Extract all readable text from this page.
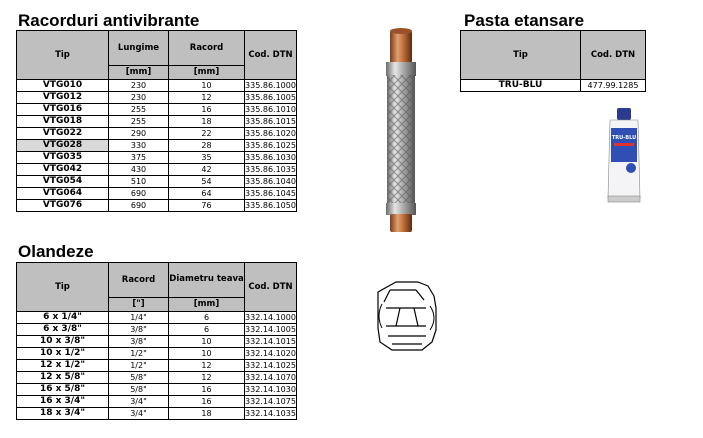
Racorduri antivibrante
Tip	Lungime	Racord	Cod. DTN
	[mm]	[mm]	
VTG010	230	10	335.86.1000
VTG012	230	12	335.86.1005
VTG016	255	16	335.86.1010
VTG018	255	18	335.86.1015
VTG022	290	22	335.86.1020
VTG028	330	28	335.86.1025
VTG035	375	35	335.86.1030
VTG042	430	42	335.86.1035
VTG054	510	54	335.86.1040
VTG064	690	64	335.86.1045
VTG076	690	76	335.86.1050
Pasta etansare
Tip	Cod. DTN
TRU-BLU	477.99.1285
TRU-BLU
Olandeze
Tip	Racord	Diametru teava	Cod. DTN
	["]	[mm]	
6 x 1/4"	1/4"	6	332.14.1000
6 x 3/8"	3/8"	6	332.14.1005
10 x 3/8"	3/8"	10	332.14.1015
10 x 1/2"	1/2"	10	332.14.1020
12 x 1/2"	1/2"	12	332.14.1025
12 x 5/8"	5/8"	12	332.14.1070
16 x 5/8"	5/8"	16	332.14.1030
16 x 3/4"	3/4"	16	332.14.1075
18 x 3/4"	3/4"	18	332.14.1035
